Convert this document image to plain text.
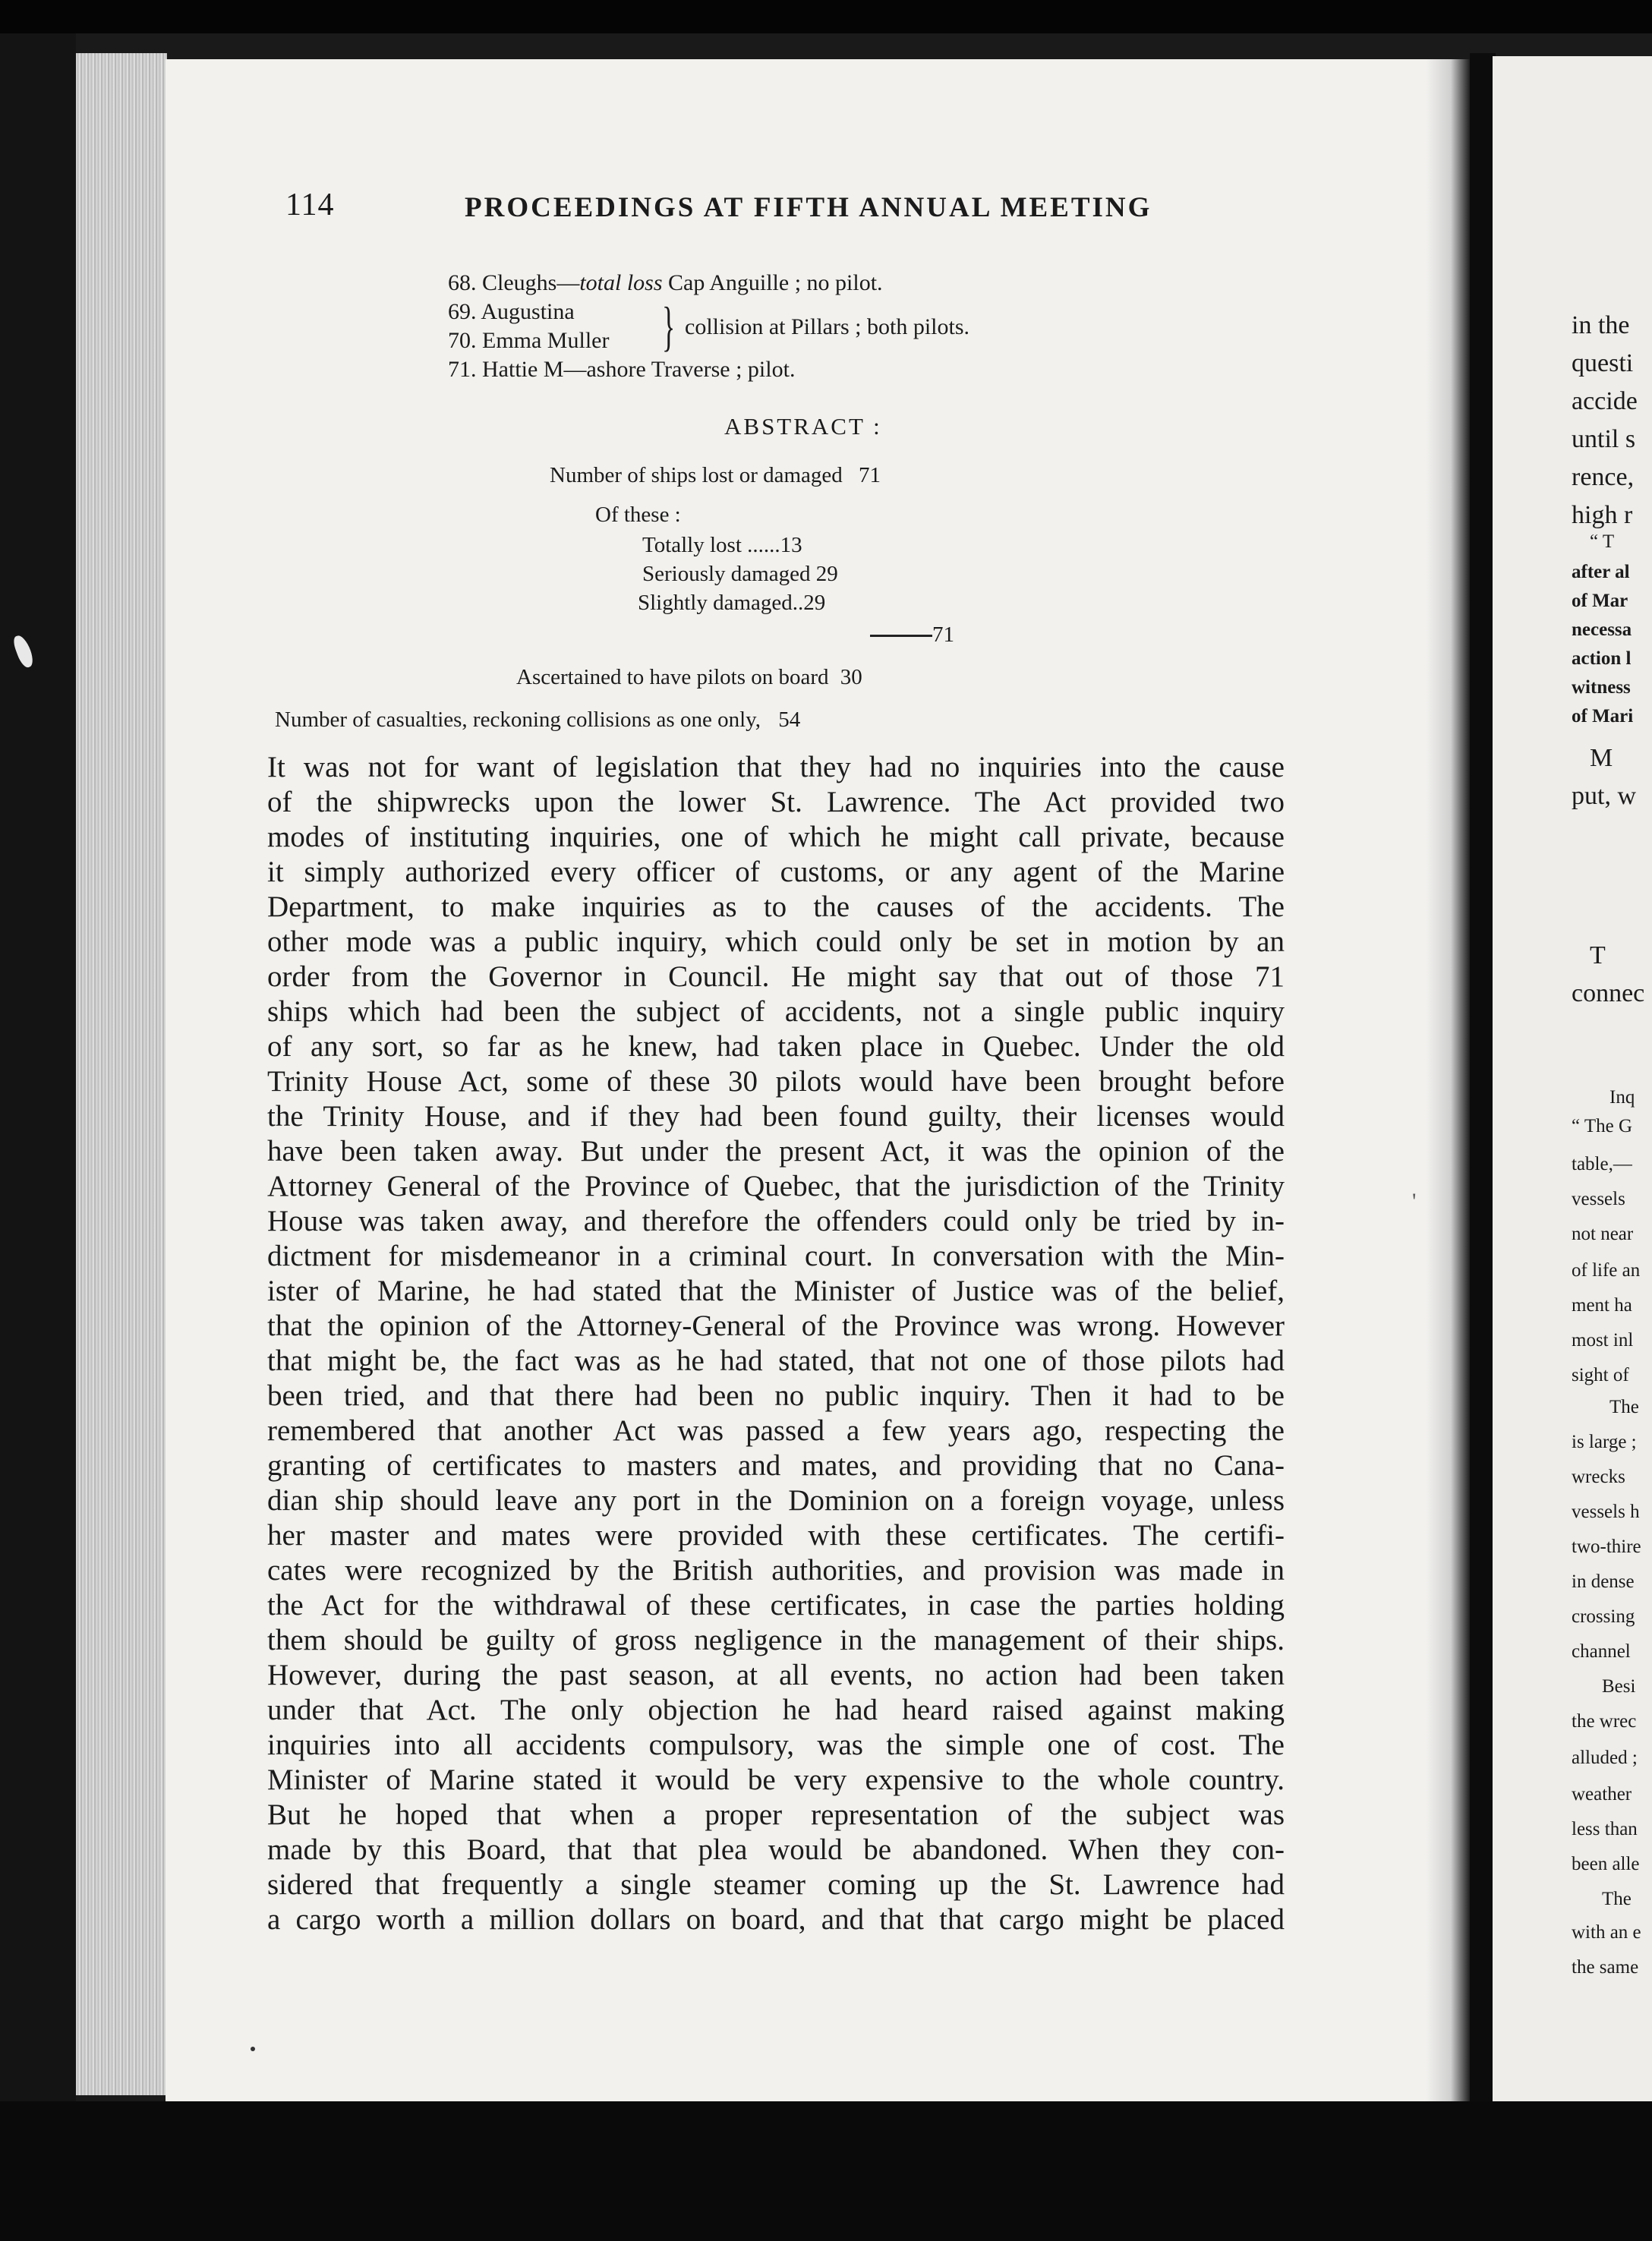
114	PROCEEDINGS AT FIFTH ANNUAL MEETING
68. Cleughs—total loss Cap Anguille ; no pilot.
69. Augustina
70. Emma Muller } collision at Pillars ; both pilots.
71. Hattie M—ashore Traverse ; pilot.
ABSTRACT :
Number of ships lost or damaged 71
Of these :
Totally lost ......13
Seriously damaged 29
Slightly damaged..29
71
Ascertained to have pilots on board 30
Number of casualties, reckoning collisions as one only, 54
It was not for want of legislation that they had no inquiries into the cause
of the shipwrecks upon the lower St. Lawrence. The Act provided two
modes of instituting inquiries, one of which he might call private, because
it simply authorized every officer of customs, or any agent of the Marine
Department, to make inquiries as to the causes of the accidents. The
other mode was a public inquiry, which could only be set in motion by an
order from the Governor in Council. He might say that out of those 71
ships which had been the subject of accidents, not a single public inquiry
of any sort, so far as he knew, had taken place in Quebec. Under the old
Trinity House Act, some of these 30 pilots would have been brought before
the Trinity House, and if they had been found guilty, their licenses would
have been taken away. But under the present Act, it was the opinion of the
Attorney General of the Province of Quebec, that the jurisdiction of the Trinity
House was taken away, and therefore the offenders could only be tried by in-
dictment for misdemeanor in a criminal court. In conversation with the Min-
ister of Marine, he had stated that the Minister of Justice was of the belief,
that the opinion of the Attorney-General of the Province was wrong. However
that might be, the fact was as he had stated, that not one of those pilots had
been tried, and that there had been no public inquiry. Then it had to be
remembered that another Act was passed a few years ago, respecting the
granting of certificates to masters and mates, and providing that no Cana-
dian ship should leave any port in the Dominion on a foreign voyage, unless
her master and mates were provided with these certificates. The certifi-
cates were recognized by the British authorities, and provision was made in
the Act for the withdrawal of these certificates, in case the parties holding
them should be guilty of gross negligence in the management of their ships.
However, during the past season, at all events, no action had been taken
under that Act. The only objection he had heard raised against making
inquiries into all accidents compulsory, was the simple one of cost. The
Minister of Marine stated it would be very expensive to the whole country.
But he hoped that when a proper representation of the subject was
made by this Board, that that plea would be abandoned. When they con-
sidered that frequently a single steamer coming up the St. Lawrence had
a cargo worth a million dollars on board, and that that cargo might be placed
'
in the
questi
accide
until s
rence,
high r
“ T
after al
of Mar
necessa
action l
witness
of Mari
M
put, w
T
connec
Inq
“ The G
table,—
vessels
not near
of life an
ment ha
most inl
sight of
The
is large ;
wrecks
vessels h
two-thire
in dense
crossing
channel
Besi
the wrec
alluded ;
weather
less than
been alle
The
with an e
the same
